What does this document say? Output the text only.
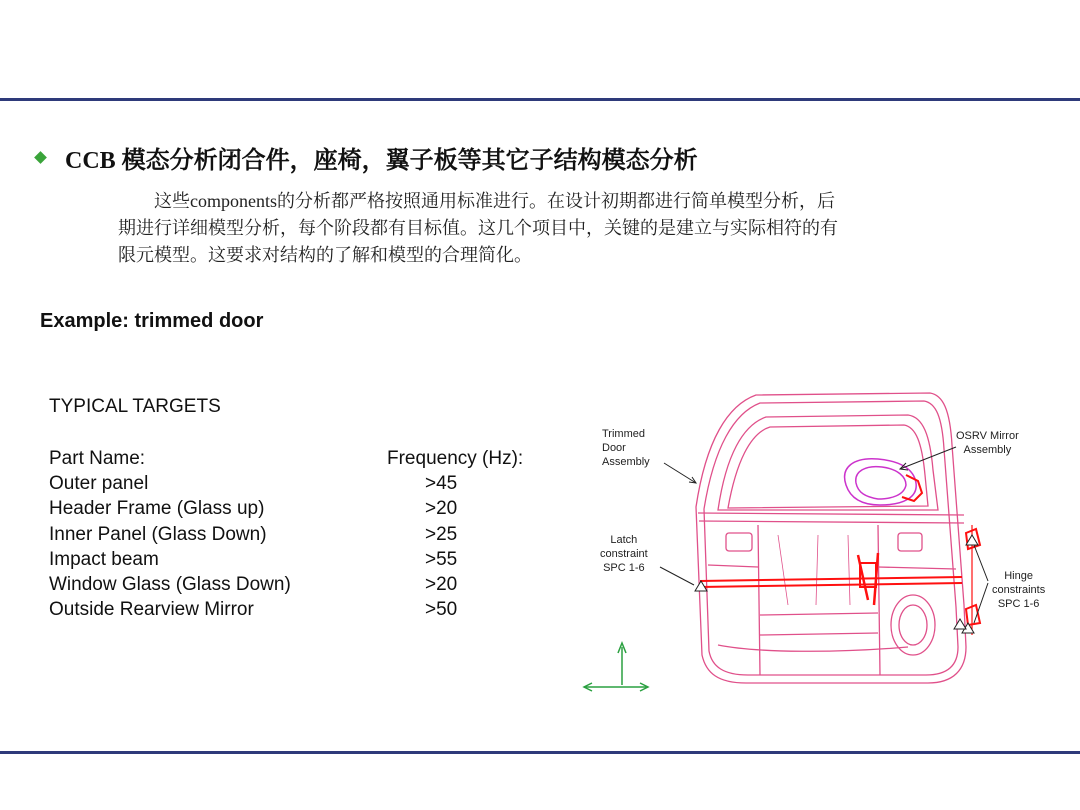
CCB 模态分析闭合件，座椅，翼子板等其它子结构模态分析
这些components的分析都严格按照通用标准进行。在设计初期都进行简单模型分析，后
期进行详细模型分析，每个阶段都有目标值。这几个项目中，关键的是建立与实际相符的有
限元模型。这要求对结构的了解和模型的合理简化。
Example: trimmed door
TYPICAL TARGETS
Part Name:	Frequency (Hz):
Outer panel	>45
Header Frame (Glass up)	>20
Inner Panel (Glass Down)	>25
Impact beam	>55
Window Glass (Glass Down)	>20
Outside Rearview Mirror	>50
Trimmed
Door
Assembly
OSRV Mirror
Assembly
Latch
constraint
SPC 1-6
Hinge
constraints
SPC 1-6
